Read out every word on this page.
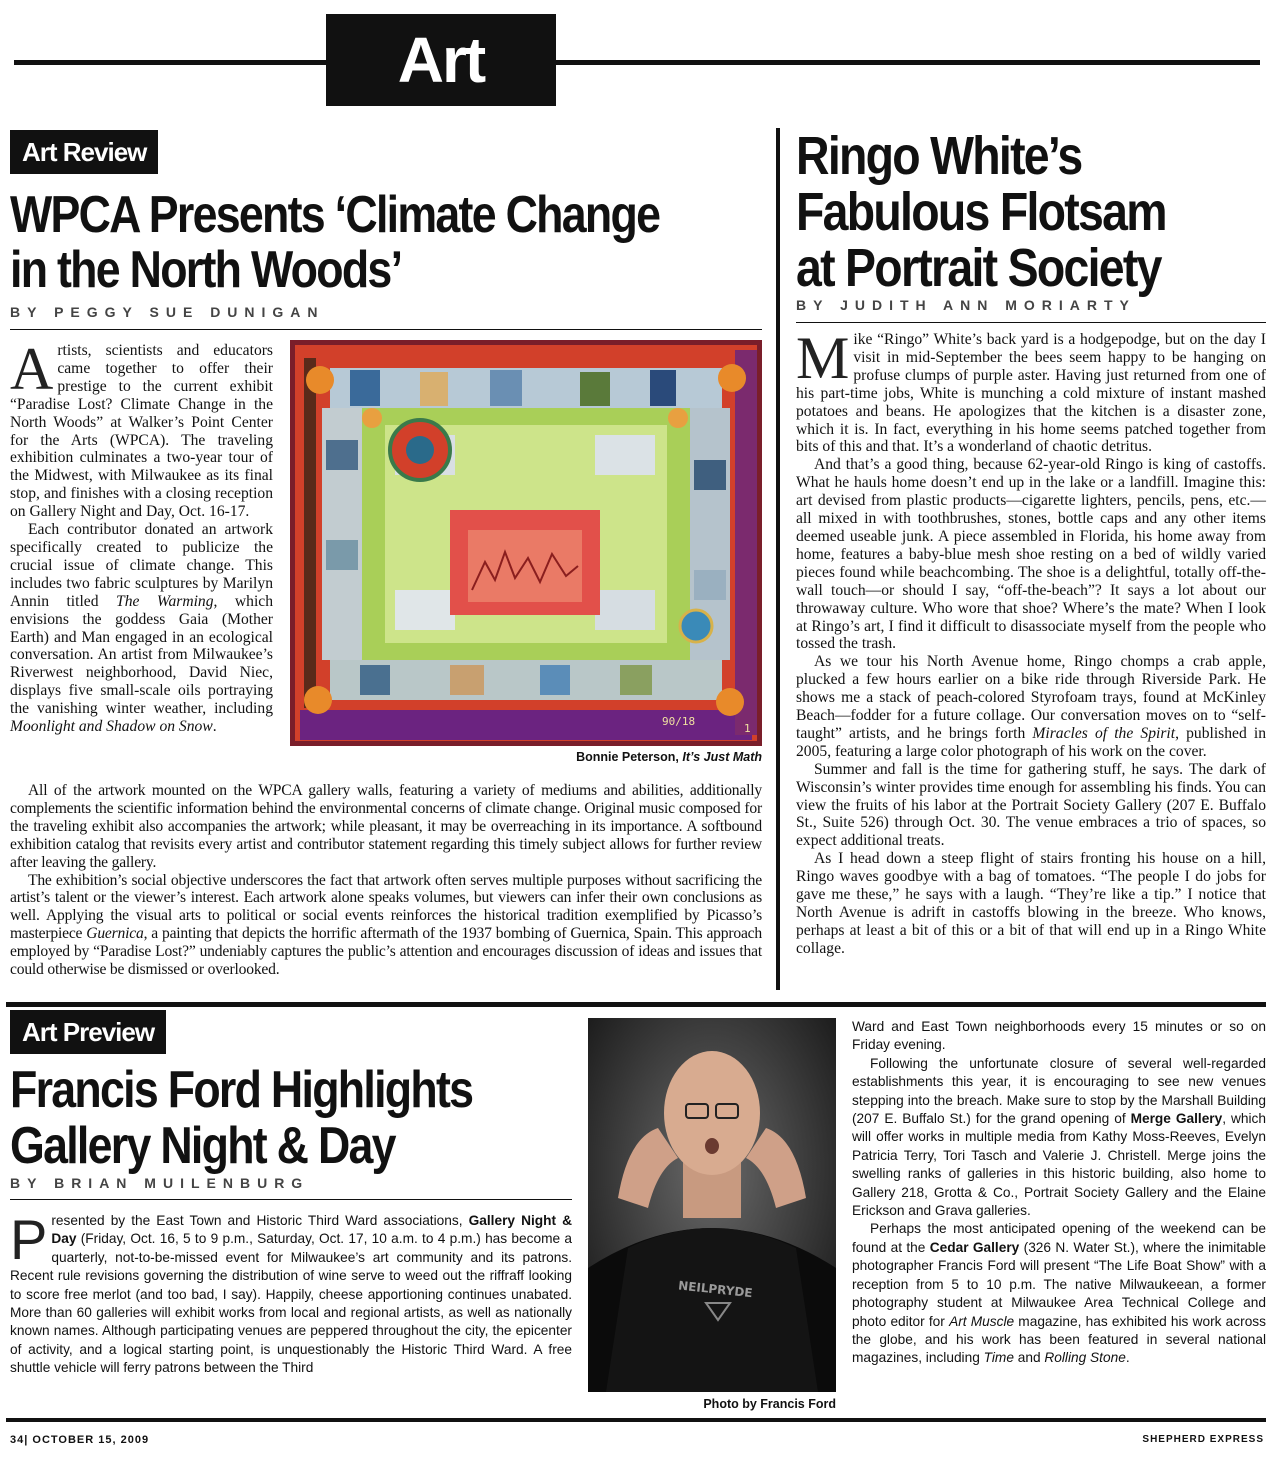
Art
Art Review
WPCA Presents ‘Climate Change
in the North Woods’
BY PEGGY SUE DUNIGAN
90/18
1
Bonnie Peterson, It’s Just Math

Artists, scientists and educators came together to offer their prestige to the current exhibit “Paradise Lost? Climate Change in the North Woods” at Walker’s Point Center for the Arts (WPCA). The traveling exhibition culminates a two-year tour of the Midwest, with Milwaukee as its final stop, and finishes with a closing reception on Gallery Night and Day, Oct. 16-17.

Each contributor donated an artwork specifically created to publicize the crucial issue of climate change. This includes two fabric sculptures by Marilyn Annin titled The Warming, which envisions the goddess Gaia (Mother Earth) and Man engaged in an ecological conversation. An artist from Milwaukee’s Riverwest neighborhood, David Niec, displays five small-scale oils portraying the vanishing winter weather, including Moonlight and Shadow on Snow.

All of the artwork mounted on the WPCA gallery walls, featuring a variety of mediums and abilities, additionally complements the scientific information behind the environmental concerns of climate change. Original music composed for the traveling exhibit also accompanies the artwork; while pleasant, it may be overreaching in its importance. A softbound exhibition catalog that revisits every artist and contributor statement regarding this timely subject allows for further review after leaving the gallery.

The exhibition’s social objective underscores the fact that artwork often serves multiple purposes without sacrificing the artist’s talent or the viewer’s interest. Each artwork alone speaks volumes, but viewers can infer their own conclusions as well. Applying the visual arts to political or social events reinforces the historical tradition exemplified by Picasso’s masterpiece Guernica, a painting that depicts the horrific aftermath of the 1937 bombing of Guernica, Spain. This approach employed by “Paradise Lost?” undeniably captures the public’s attention and encourages discussion of ideas and issues that could otherwise be dismissed or overlooked.

Ringo White’s
Fabulous Flotsam
at Portrait Society
BY JUDITH ANN MORIARTY

Mike “Ringo” White’s back yard is a hodgepodge, but on the day I visit in mid-September the bees seem happy to be hanging on profuse clumps of purple aster. Having just returned from one of his part-time jobs, White is munching a cold mixture of instant mashed potatoes and beans. He apologizes that the kitchen is a disaster zone, which it is. In fact, everything in his home seems patched together from bits of this and that. It’s a wonderland of chaotic detritus.

And that’s a good thing, because 62-year-old Ringo is king of castoffs. What he hauls home doesn’t end up in the lake or a landfill. Imagine this: art devised from plastic products—cigarette lighters, pencils, pens, etc.—all mixed in with toothbrushes, stones, bottle caps and any other items deemed useable junk. A piece assembled in Florida, his home away from home, features a baby-blue mesh shoe resting on a bed of wildly varied pieces found while beachcombing. The shoe is a delightful, totally off-the-wall touch—or should I say, “off-the-beach”? It says a lot about our throwaway culture. Who wore that shoe? Where’s the mate? When I look at Ringo’s art, I find it difficult to disassociate myself from the people who tossed the trash.

As we tour his North Avenue home, Ringo chomps a crab apple, plucked a few hours earlier on a bike ride through Riverside Park. He shows me a stack of peach-colored Styrofoam trays, found at McKinley Beach—fodder for a future collage. Our conversation moves on to “self-taught” artists, and he brings forth Miracles of the Spirit, published in 2005, featuring a large color photograph of his work on the cover.

Summer and fall is the time for gathering stuff, he says. The dark of Wisconsin’s winter provides time enough for assembling his finds. You can view the fruits of his labor at the Portrait Society Gallery (207 E. Buffalo St., Suite 526) through Oct. 30. The venue embraces a trio of spaces, so expect additional treats.

As I head down a steep flight of stairs fronting his house on a hill, Ringo waves goodbye with a bag of tomatoes. “The people I do jobs for gave me these,” he says with a laugh. “They’re like a tip.” I notice that North Avenue is adrift in castoffs blowing in the breeze. Who knows, perhaps at least a bit of this or a bit of that will end up in a Ringo White collage.

Art Preview
Francis Ford Highlights
Gallery Night & Day
BY BRIAN MUILENBURG

Presented by the East Town and Historic Third Ward associations, Gallery Night & Day (Friday, Oct. 16, 5 to 9 p.m., Saturday, Oct. 17, 10 a.m. to 4 p.m.) has become a quarterly, not-to-be-missed event for Milwaukee’s art community and its patrons. Recent rule revisions governing the distribution of wine serve to weed out the riffraff looking to score free merlot (and too bad, I say). Happily, cheese apportioning continues unabated. More than 60 galleries will exhibit works from local and regional artists, as well as nationally known names. Although participating venues are peppered throughout the city, the epicenter of activity, and a logical starting point, is unquestionably the Historic Third Ward. A free shuttle vehicle will ferry patrons between the Third

NEILPRYDE
Photo by Francis Ford

Ward and East Town neighborhoods every 15 minutes or so on Friday evening.

Following the unfortunate closure of several well-regarded establishments this year, it is encouraging to see new venues stepping into the breach. Make sure to stop by the Marshall Building (207 E. Buffalo St.) for the grand opening of Merge Gallery, which will offer works in multiple media from Kathy Moss-Reeves, Evelyn Patricia Terry, Tori Tasch and Valerie J. Christell. Merge joins the swelling ranks of galleries in this historic building, also home to Gallery 218, Grotta & Co., Portrait Society Gallery and the Elaine Erickson and Grava galleries.

Perhaps the most anticipated opening of the weekend can be found at the Cedar Gallery (326 N. Water St.), where the inimitable photographer Francis Ford will present “The Life Boat Show” with a reception from 5 to 10 p.m. The native Milwaukeean, a former photography student at Milwaukee Area Technical College and photo editor for Art Muscle magazine, has exhibited his work across the globe, and his work has been featured in several national magazines, including Time and Rolling Stone.

34| OCTOBER 15, 2009	SHEPHERD EXPRESS
